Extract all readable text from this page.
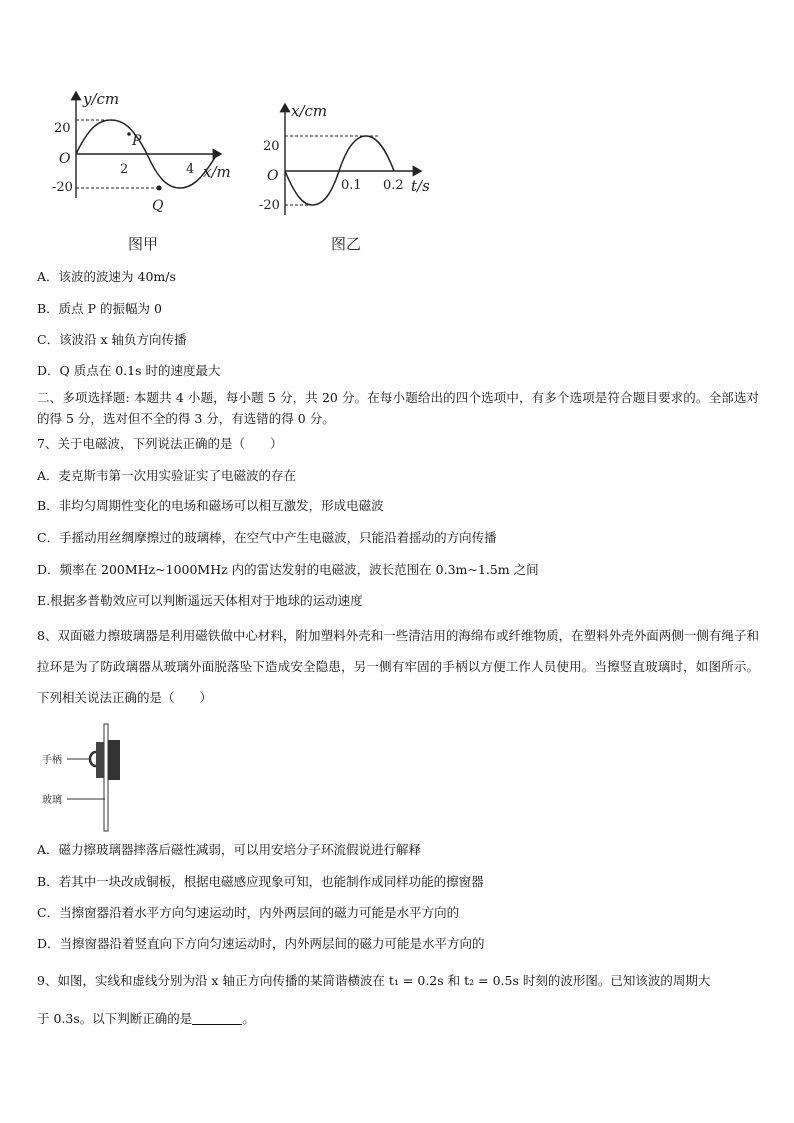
y/cm
20
O
-20
2	4 x/m
P
Q
图甲
x/cm
20
O
-20
0.1 0.2 t/s
图乙
A．该波的波速为 40m/s
B．质点 P 的振幅为 0
C．该波沿 x 轴负方向传播
D．Q 质点在 0.1s 时的速度最大
二、多项选择题: 本题共 4 小题，每小题 5 分，共 20 分。在每小题给出的四个选项中，有多个选项是符合题目要求的。全部选对的得 5 分，选对但不全的得 3 分，有选错的得 0 分。
7、关于电磁波，下列说法正确的是（　　）
A．麦克斯韦第一次用实验证实了电磁波的存在
B．非均匀周期性变化的电场和磁场可以相互激发，形成电磁波
C．手摇动用丝绸摩擦过的玻璃棒，在空气中产生电磁波，只能沿着摇动的方向传播
D．频率在 200MHz~1000MHz 内的雷达发射的电磁波，波长范围在 0.3m~1.5m 之间
E.根据多普勒效应可以判断遥远天体相对于地球的运动速度
8、双面磁力擦玻璃器是利用磁铁做中心材料，附加塑料外壳和一些清洁用的海绵布或纤维物质，在塑料外壳外面两侧一侧有绳子和拉环是为了防政璃器从玻璃外面脱落坠下造成安全隐患，另一侧有牢固的手柄以方便工作人员使用。当擦竖直玻璃时，如图所示。下列相关说法正确的是（　　）
手柄
玻璃
A．磁力擦玻璃器摔落后磁性减弱，可以用安培分子环流假说进行解释
B．若其中一块改成铜板，根据电磁感应现象可知，也能制作成同样功能的擦窗器
C．当擦窗器沿着水平方向匀速运动时，内外两层间的磁力可能是水平方向的
D．当擦窗器沿着竖直向下方向匀速运动时，内外两层间的磁力可能是水平方向的
9、如图，实线和虚线分别为沿 x 轴正方向传播的某简谐横波在 t₁ = 0.2s 和 t₂ = 0.5s 时刻的波形图。已知该波的周期大
于 0.3s。以下判断正确的是	。
